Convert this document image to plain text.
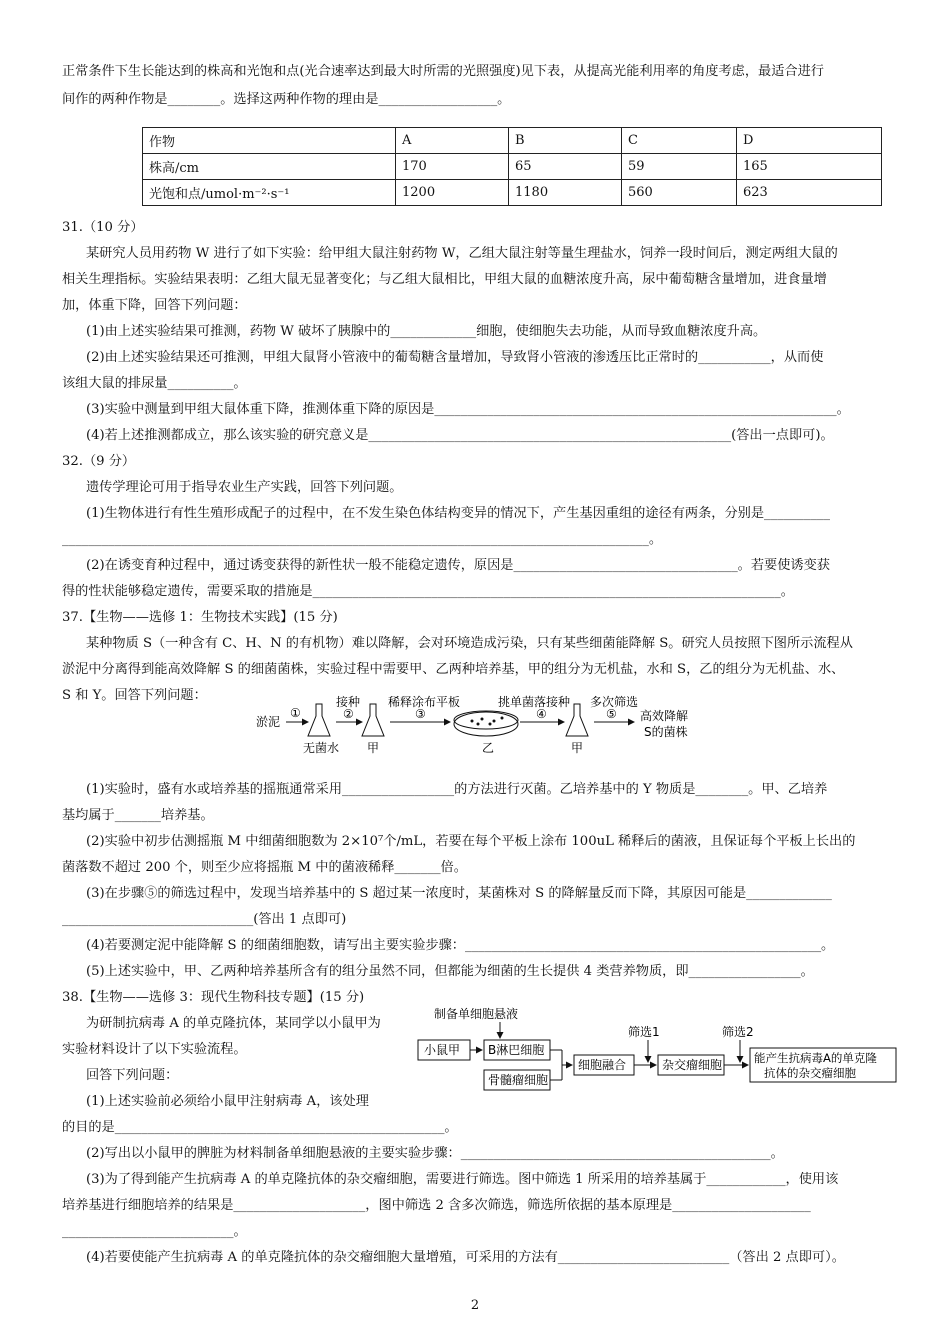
正常条件下生长能达到的株高和光饱和点(光合速率达到最大时所需的光照强度)见下表，从提高光能利用率的角度考虑，最适合进行
间作的两种作物是________。选择这两种作物的理由是__________________。
作物	A	B	C	D
株高/cm	170	65	59	165
光饱和点/umol·m⁻²·s⁻¹	1200	1180	560	623
31.（10 分）
某研究人员用药物 W 进行了如下实验：给甲组大鼠注射药物 W，乙组大鼠注射等量生理盐水，饲养一段时间后，测定两组大鼠的
相关生理指标。实验结果表明：乙组大鼠无显著变化；与乙组大鼠相比，甲组大鼠的血糖浓度升高，尿中葡萄糖含量增加，进食量增
加，体重下降，回答下列问题：
(1)由上述实验结果可推测，药物 W 破坏了胰腺中的_____________细胞，使细胞失去功能，从而导致血糖浓度升高。
(2)由上述实验结果还可推测，甲组大鼠肾小管液中的葡萄糖含量增加，导致肾小管液的渗透压比正常时的___________，从而使
该组大鼠的排尿量__________。
(3)实验中测量到甲组大鼠体重下降，推测体重下降的原因是_____________________________________________________________。
(4)若上述推测都成立，那么该实验的研究意义是_______________________________________________________(答出一点即可)。
32.（9 分）
遗传学理论可用于指导农业生产实践，回答下列问题。
(1)生物体进行有性生殖形成配子的过程中，在不发生染色体结构变异的情况下，产生基因重组的途径有两条，分别是__________
_________________________________________________________________________________________。
(2)在诱变育种过程中，通过诱变获得的新性状一般不能稳定遗传，原因是__________________________________。若要使诱变获
得的性状能够稳定遗传，需要采取的措施是_______________________________________________________________________。
37.【生物——选修 1：生物技术实践】(15 分)
某种物质 S（一种含有 C、H、N 的有机物）难以降解，会对环境造成污染，只有某些细菌能降解 S。研究人员按照下图所示流程从
淤泥中分离得到能高效降解 S 的细菌菌株，实验过程中需要甲、乙两种培养基，甲的组分为无机盐，水和 S，乙的组分为无机盐、水、
S 和 Y。回答下列问题：
淤泥
①
无菌水
接种
②
甲
稀释涂布平板
③
乙
挑单菌落接种
④
甲
多次筛选
⑤ 高效降解
S的菌株
(1)实验时，盛有水或培养基的摇瓶通常采用_________________的方法进行灭菌。乙培养基中的 Y 物质是________。甲、乙培养
基均属于_______培养基。
(2)实验中初步估测摇瓶 M 中细菌细胞数为 2×10⁷个/mL，若要在每个平板上涂布 100uL 稀释后的菌液，且保证每个平板上长出的
菌落数不超过 200 个，则至少应将摇瓶 M 中的菌液稀释_______倍。
(3)在步骤⑤的筛选过程中，发现当培养基中的 S 超过某一浓度时，某菌株对 S 的降解量反而下降，其原因可能是_____________
_____________________________(答出 1 点即可)
(4)若要测定泥中能降解 S 的细菌细胞数，请写出主要实验步骤：______________________________________________________。
(5)上述实验中，甲、乙两种培养基所含有的组分虽然不同，但都能为细菌的生长提供 4 类营养物质，即_________________。
38.【生物——选修 3：现代生物科技专题】(15 分)
为研制抗病毒 A 的单克隆抗体，某同学以小鼠甲为
实验材料设计了以下实验流程。
回答下列问题：
(1)上述实验前必须给小鼠甲注射病毒 A，该处理
的目的是__________________________________________________。
制备单细胞悬液
小鼠甲 B淋巴细胞
骨髓瘤细胞
细胞融合
筛选1
杂交瘤细胞
筛选2
能产生抗病毒A的单克隆
抗体的杂交瘤细胞
(2)写出以小鼠甲的脾脏为材料制备单细胞悬液的主要实验步骤：_______________________________________________。
(3)为了得到能产生抗病毒 A 的单克隆抗体的杂交瘤细胞，需要进行筛选。图中筛选 1 所采用的培养基属于____________，使用该
培养基进行细胞培养的结果是____________________，图中筛选 2 含多次筛选，筛选所依据的基本原理是_____________________
__________________________。
(4)若要使能产生抗病毒 A 的单克隆抗体的杂交瘤细胞大量增殖，可采用的方法有__________________________（答出 2 点即可）。
2
